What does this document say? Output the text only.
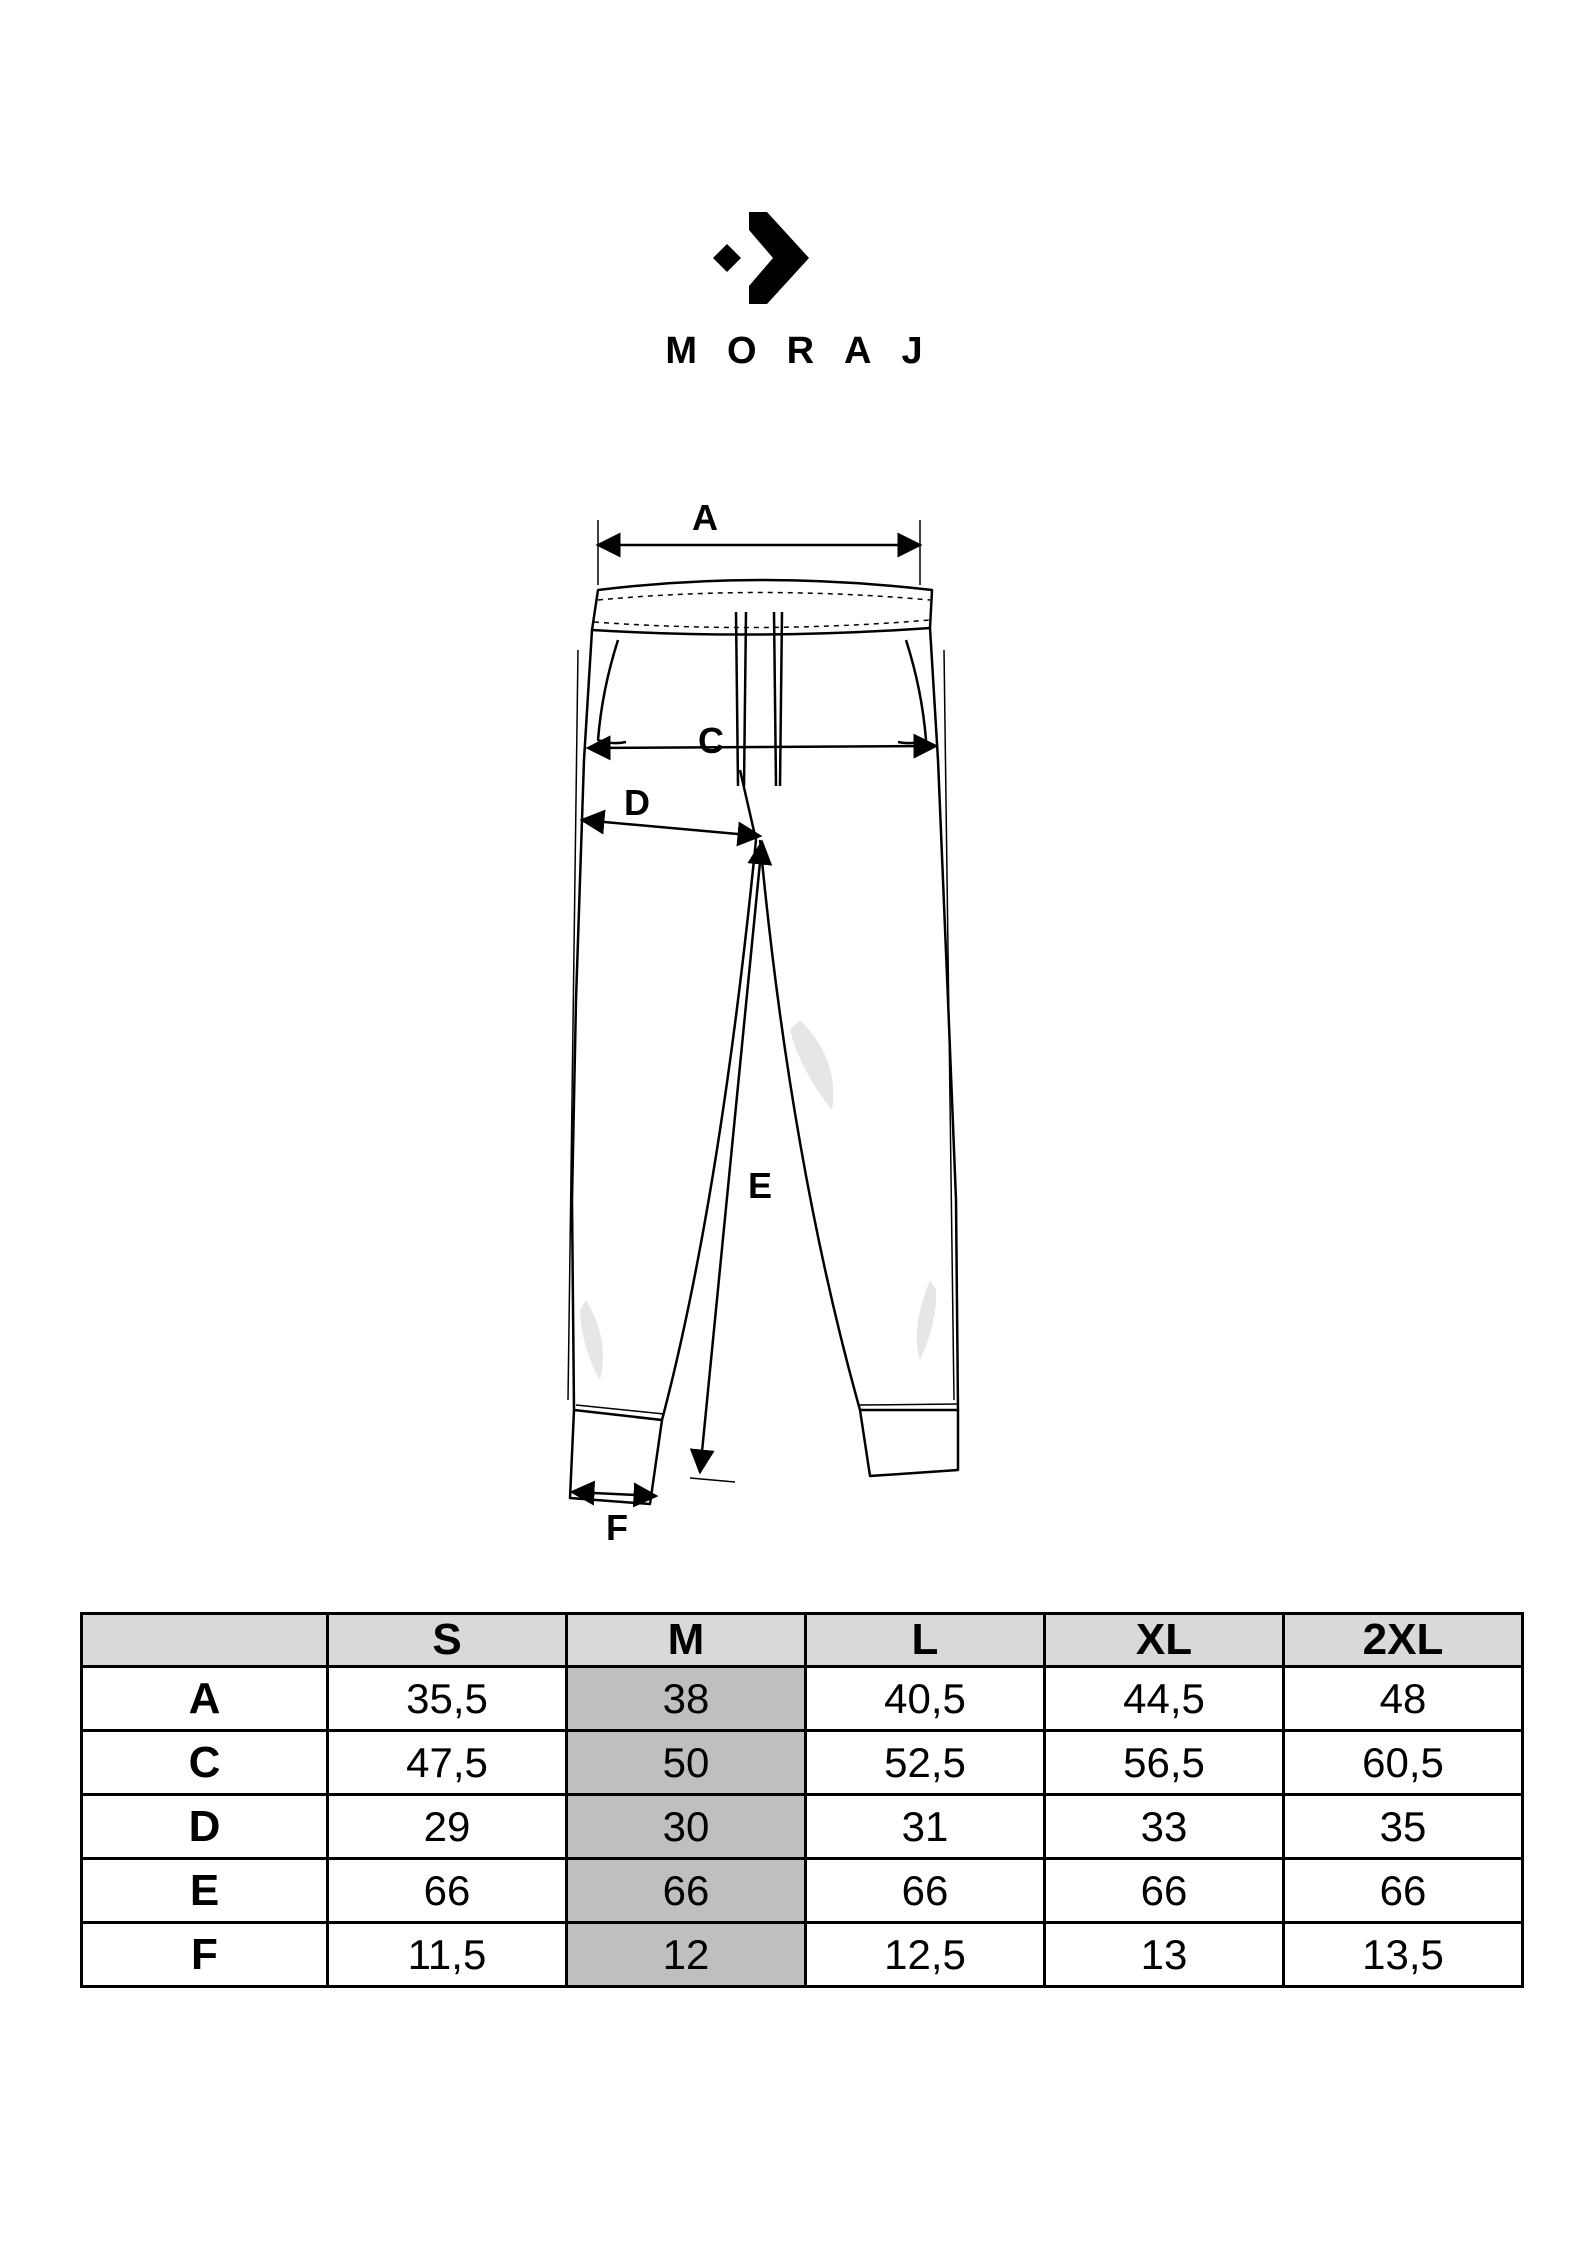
MORAJ
A
C
D
E
F
	S	M	L	XL	2XL
A	35,5	38	40,5	44,5	48
C	47,5	50	52,5	56,5	60,5
D	29	30	31	33	35
E	66	66	66	66	66
F	11,5	12	12,5	13	13,5
